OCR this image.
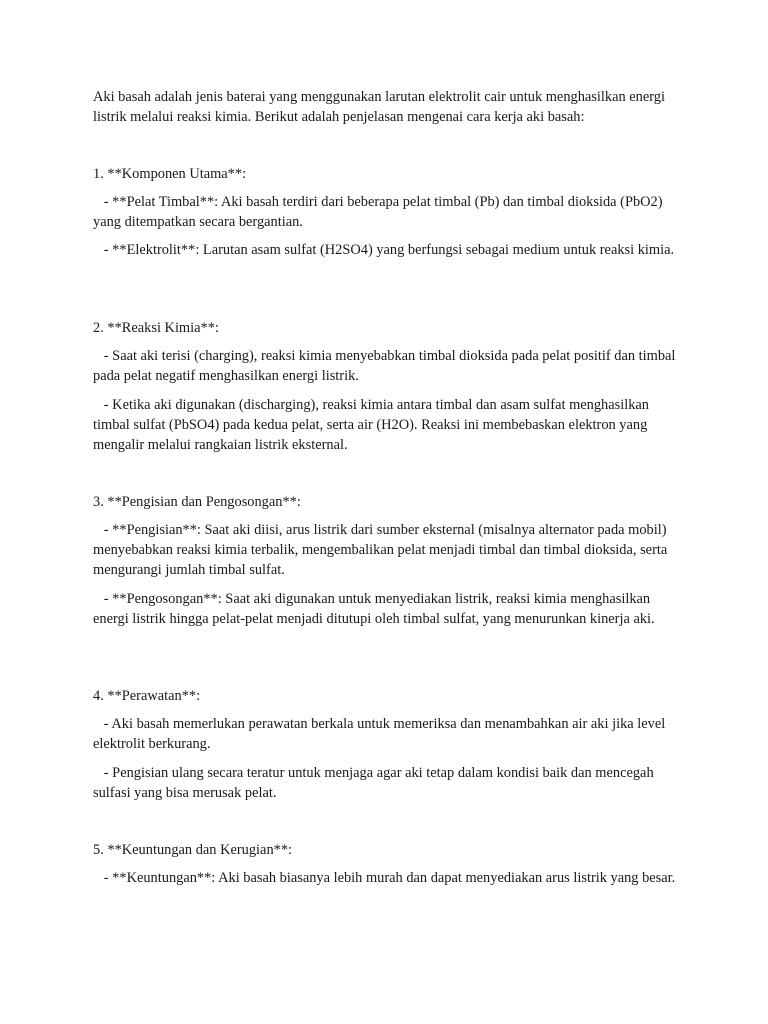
Aki basah adalah jenis baterai yang menggunakan larutan elektrolit cair untuk menghasilkan energi listrik melalui reaksi kimia. Berikut adalah penjelasan mengenai cara kerja aki basah:

1. **Komponen Utama**:

- **Pelat Timbal**: Aki basah terdiri dari beberapa pelat timbal (Pb) dan timbal dioksida (PbO2) yang ditempatkan secara bergantian.

- **Elektrolit**: Larutan asam sulfat (H2SO4) yang berfungsi sebagai medium untuk reaksi kimia.

2. **Reaksi Kimia**:

- Saat aki terisi (charging), reaksi kimia menyebabkan timbal dioksida pada pelat positif dan timbal pada pelat negatif menghasilkan energi listrik.

- Ketika aki digunakan (discharging), reaksi kimia antara timbal dan asam sulfat menghasilkan timbal sulfat (PbSO4) pada kedua pelat, serta air (H2O). Reaksi ini membebaskan elektron yang mengalir melalui rangkaian listrik eksternal.

3. **Pengisian dan Pengosongan**:

- **Pengisian**: Saat aki diisi, arus listrik dari sumber eksternal (misalnya alternator pada mobil) menyebabkan reaksi kimia terbalik, mengembalikan pelat menjadi timbal dan timbal dioksida, serta mengurangi jumlah timbal sulfat.

- **Pengosongan**: Saat aki digunakan untuk menyediakan listrik, reaksi kimia menghasilkan energi listrik hingga pelat-pelat menjadi ditutupi oleh timbal sulfat, yang menurunkan kinerja aki.

4. **Perawatan**:

- Aki basah memerlukan perawatan berkala untuk memeriksa dan menambahkan air aki jika level elektrolit berkurang.

- Pengisian ulang secara teratur untuk menjaga agar aki tetap dalam kondisi baik dan mencegah sulfasi yang bisa merusak pelat.

5. **Keuntungan dan Kerugian**:

- **Keuntungan**: Aki basah biasanya lebih murah dan dapat menyediakan arus listrik yang besar.
